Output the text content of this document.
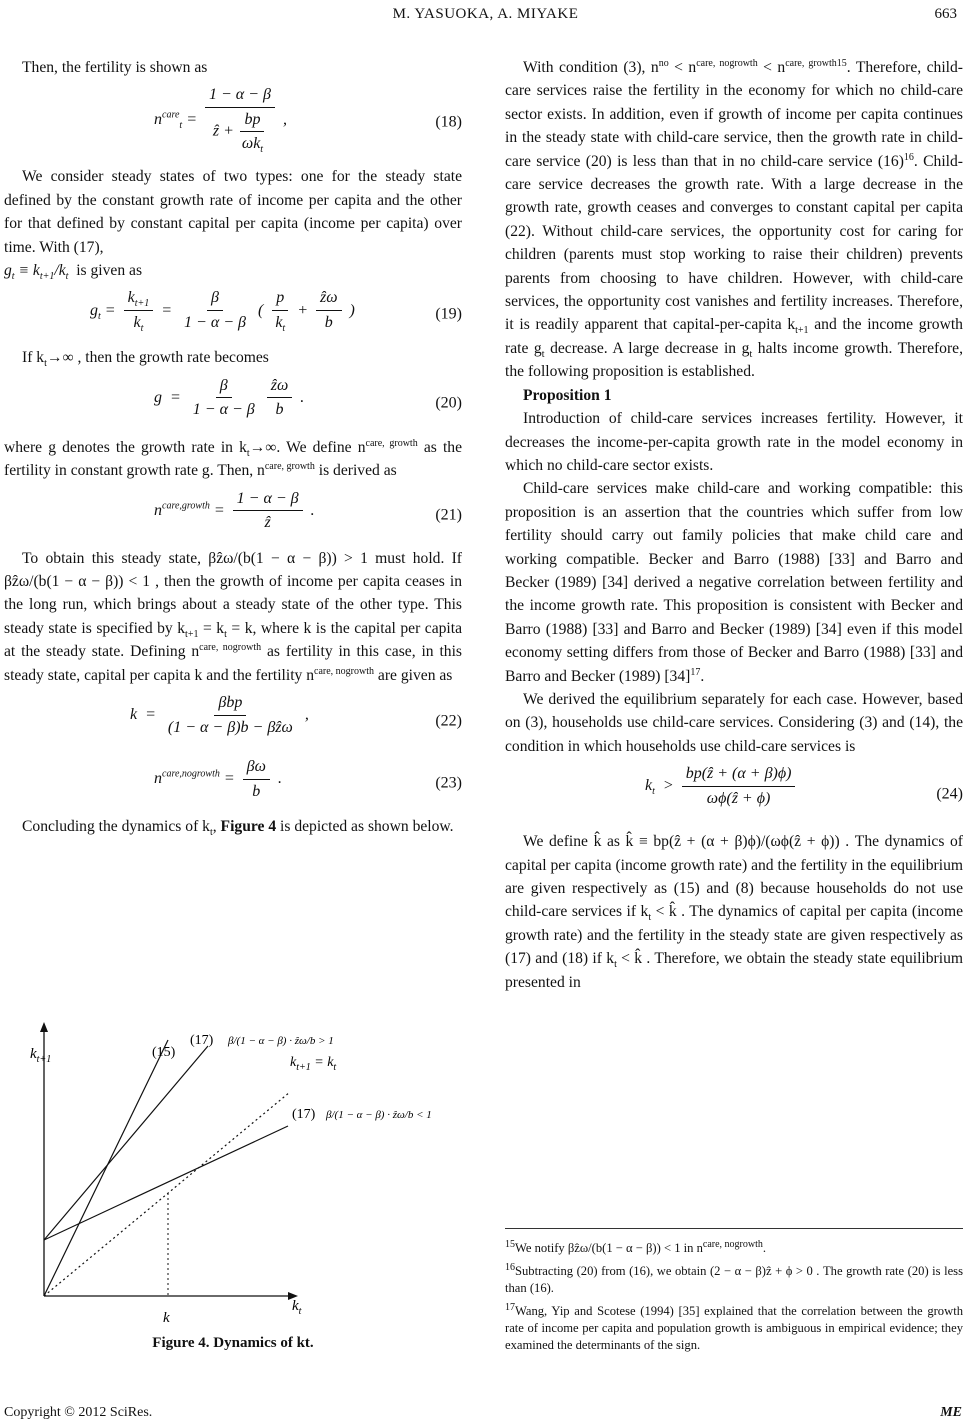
M. YASUOKA, A. MIYAKE	663

Then, the fertility is shown as

$n^{care}_t = \frac{1 - \alpha - \beta}{ẑ + \frac{bp}{\omega k_t}}$ ,	(18)

We consider steady states of two types: one for the steady state defined by the constant growth rate of income per capita and the other for that defined by constant capital per capita (income per capita) over time. With (17),

$g_t \equiv k_{t+1}/k_t$ is given as

$g_t = \frac{k_{t+1}}{k_t} = \frac{\beta}{1 - \alpha - \beta}$ ( $\frac{p}{k_t} + \frac{\text{ẑω}}{b}$ )	(19)

If $k_t\to\infty$ , then the growth rate becomes

$g = \frac{\beta}{1 - \alpha - \beta} \frac{\text{ẑω}}{b}$ .	(20)

where g denotes the growth rate in $k_t\to\infty$. We define $n^{care, growth}$ as the fertility in constant growth rate g. Then, $n^{care, growth}$ is derived as

$n^{care,growth} = \frac{1 - \alpha - \beta}{\text{ẑ}}$ .	(21)

To obtain this steady state, βẑω/(b(1 − α − β)) > 1 must hold. If βẑω/(b(1 − α − β)) < 1 , then the growth of income per capita ceases in the long run, which brings about a steady state of the other type. This steady state is specified by $k_{t+1} = k_t = k$, where k is the capital per capita at the steady state. Defining $n^{care, nogrowth}$ as fertility in this case, in this steady state, capital per capita k and the fertility $n^{care, nogrowth}$ are given as

$k = \frac{\text{βbp}}{\text{(1 − α − β)b − βẑω}}$ ,	(22)
$n^{care,nogrowth} = \frac{\beta\omega}{b}$ .	(23)

Concluding the dynamics of $k_t$, Figure 4 is depicted as shown below.

$k_{t+1}$
$k_t$
k
(15)
(17) β/(1 − α − β) · ẑω/b > 1
$k_{t+1} = k_t$
(17) β/(1 − α − β) · ẑω/b < 1
Figure 4. Dynamics of kt.

With condition (3), $n^{no} < n^{care, nogrowth} < n^{care, growth15}$. Therefore, child-care services raise the fertility in the economy for which no child-care sector exists. In addition, even if growth of income per capita continues in the steady state with child-care service, then the growth rate in child-care service (20) is less than that in no child-care service $(16)^{16}$. Child-care service decreases the growth rate. With a large decrease in the growth rate, growth ceases and converges to constant capital per capita (22). Without child-care services, the opportunity cost for caring for children (parents must stop working to raise their children) prevents parents from choosing to have children. However, with child-care services, the opportunity cost vanishes and fertility increases. Therefore, it is readily apparent that capital-per-capita $k_{t+1}$ and the income growth rate $g_t$ decrease. A large decrease in $g_t$ halts income growth. Therefore, the following proposition is established.

Proposition 1

Introduction of child-care services increases fertility. However, it decreases the income-per-capita growth rate in the model economy in which no child-care sector exists.

Child-care services make child-care and working compatible: this proposition is an assertion that the countries which suffer from low fertility should carry out family policies that make child care and working compatible. Becker and Barro (1988) [33] and Barro and Becker (1989) [34] derived a negative correlation between fertility and the income growth rate. This proposition is consistent with Becker and Barro (1988) [33] and Barro and Becker (1989) [34] even if this model economy setting differs from those of Becker and Barro (1988) [33] and Barro and Becker (1989) $[34]^{17}$.

We derived the equilibrium separately for each case. However, based on (3), households use child-care services. Considering (3) and (14), the condition in which households use child-care services is

$k_t > \frac{\text{bp(ẑ + (α + β)ϕ)}}{\text{ωϕ(ẑ + ϕ)}}$	(24)

We define k̂ as k̂ ≡ bp(ẑ + (α + β)ϕ)/(ωϕ(ẑ + ϕ)) . The dynamics of capital per capita (income growth rate) and the fertility in the equilibrium are given respectively as (15) and (8) because households do not use child-care services if $k_t$ < k̂ . The dynamics of capital per capita (income growth rate) and the fertility in the steady state are given respectively as (17) and (18) if $k_t$ < k̂ . Therefore, we obtain the steady state equilibrium presented in

$^{15}$We notify βẑω/(b(1 − α − β)) < 1 in $n^{care, nogrowth}$.
$^{16}$Subtracting (20) from (16), we obtain (2 − α − β)ẑ + ϕ > 0 . The growth rate (20) is less than (16).
$^{17}$Wang, Yip and Scotese (1994) [35] explained that the correlation between the growth rate of income per capita and population growth is ambiguous in empirical evidence; they examined the determinants of the sign.
Copyright © 2012 SciRes.	ME
